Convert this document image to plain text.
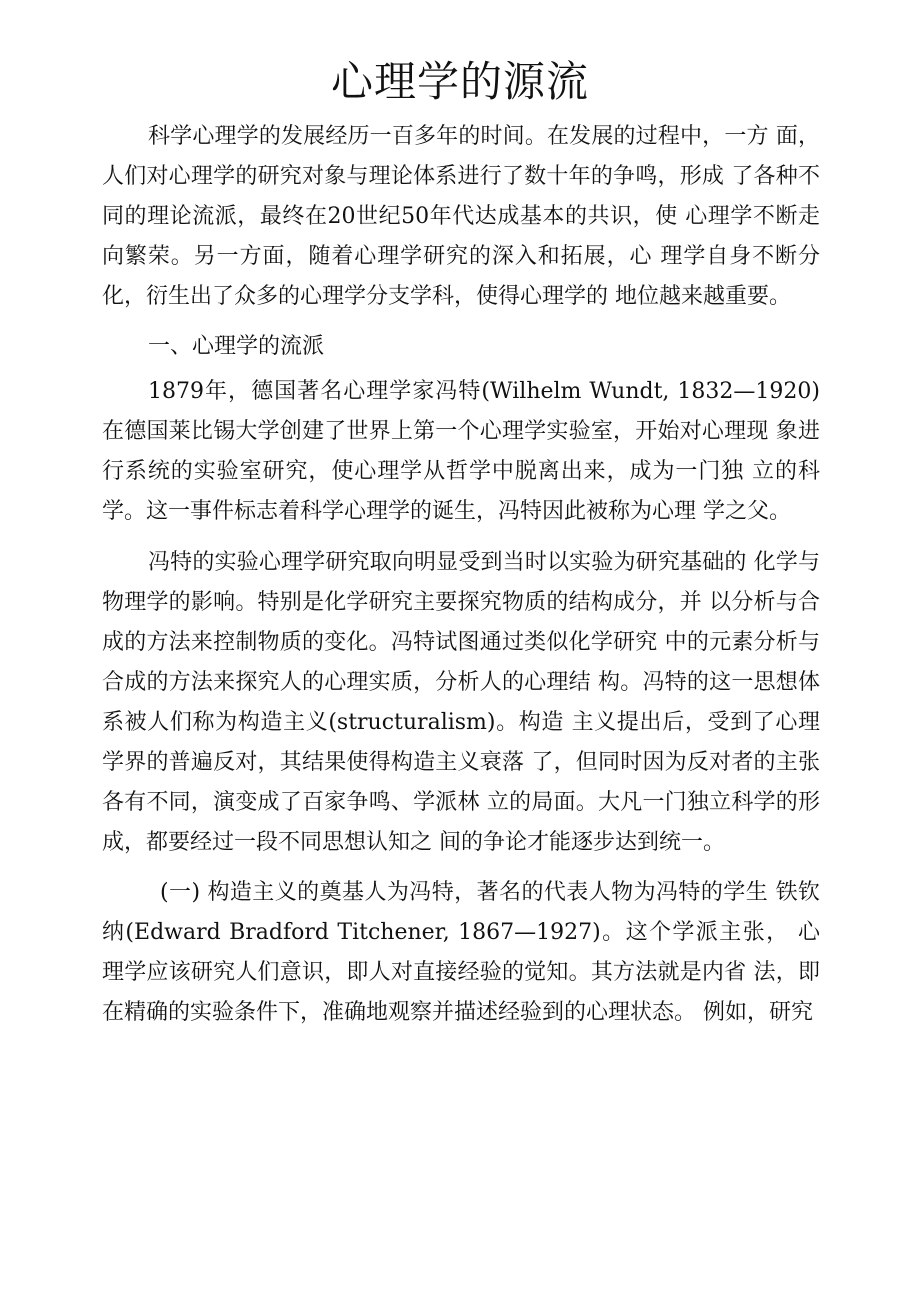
心理学的源流

科学心理学的发展经历一百多年的时间。在发展的过程中，一方 面，人们对心理学的研究对象与理论体系进行了数十年的争鸣，形成 了各种不同的理论流派，最终在20世纪50年代达成基本的共识，使 心理学不断走向繁荣。另一方面，随着心理学研究的深入和拓展，心 理学自身不断分化，衍生出了众多的心理学分支学科，使得心理学的 地位越来越重要。

一、心理学的流派

1879年，德国著名心理学家冯特(Wilhelm Wundt, 1832—1920) 在德国莱比锡大学创建了世界上第一个心理学实验室，开始对心理现 象进行系统的实验室研究，使心理学从哲学中脱离出来，成为一门独 立的科学。这一事件标志着科学心理学的诞生，冯特因此被称为心理 学之父。

冯特的实验心理学研究取向明显受到当时以实验为研究基础的 化学与物理学的影响。特别是化学研究主要探究物质的结构成分，并 以分析与合成的方法来控制物质的变化。冯特试图通过类似化学研究 中的元素分析与合成的方法来探究人的心理实质，分析人的心理结 构。冯特的这一思想体系被人们称为构造主义(structuralism)。构造 主义提出后，受到了心理学界的普遍反对，其结果使得构造主义衰落 了，但同时因为反对者的主张各有不同，演变成了百家争鸣、学派林 立的局面。大凡一门独立科学的形成，都要经过一段不同思想认知之 间的争论才能逐步达到统一。

(一) 构造主义的奠基人为冯特，著名的代表人物为冯特的学生 铁钦纳(Edward Bradford Titchener, 1867—1927)。这个学派主张， 心理学应该研究人们意识，即人对直接经验的觉知。其方法就是内省 法，即在精确的实验条件下，准确地观察并描述经验到的心理状态。 例如，研究
